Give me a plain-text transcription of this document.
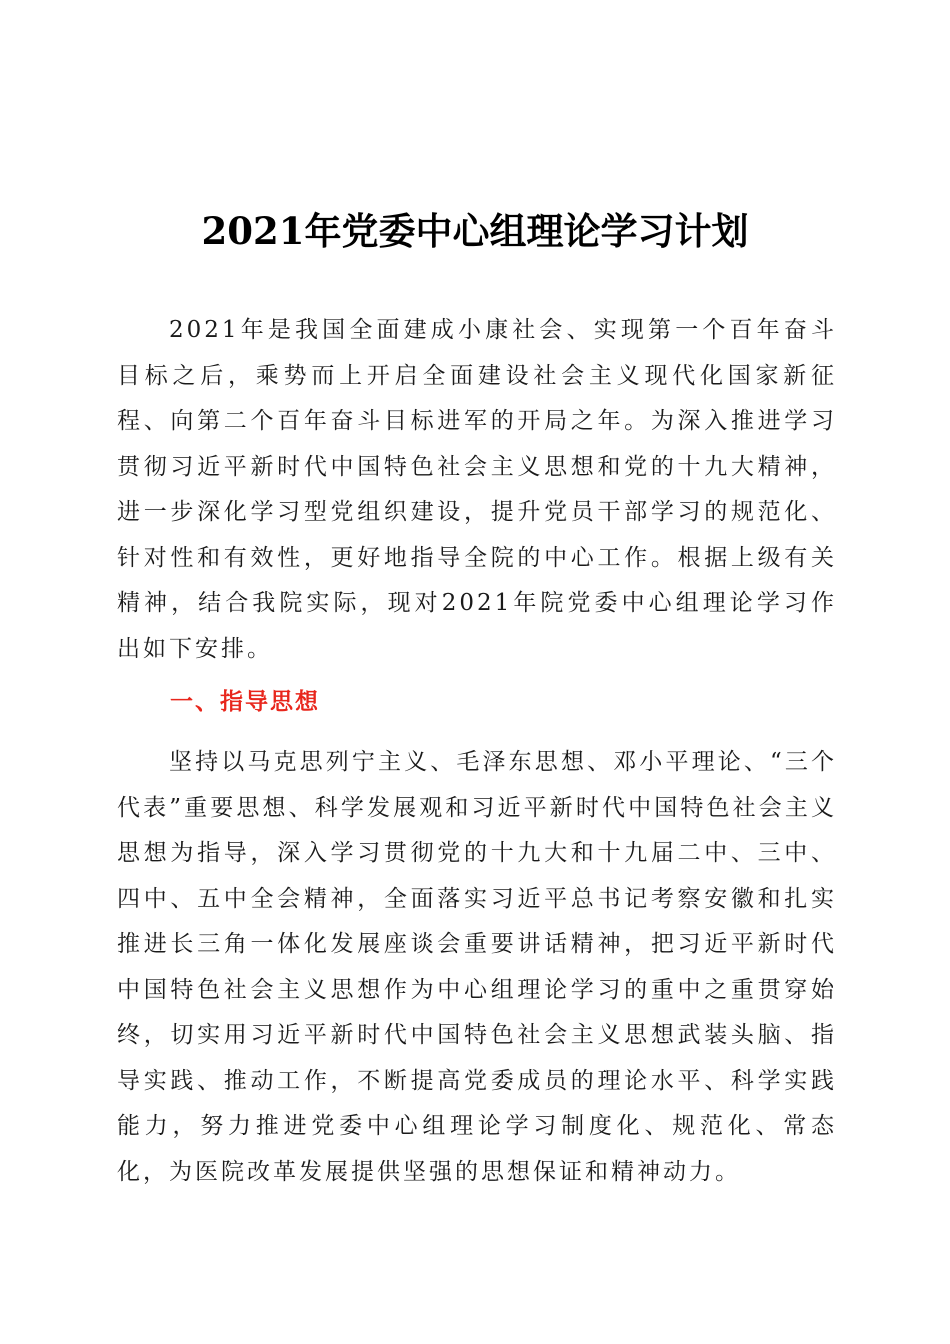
2021年党委中心组理论学习计划

2021年是我国全面建成小康社会、实现第一个百年奋斗目标之后，乘势而上开启全面建设社会主义现代化国家新征程、向第二个百年奋斗目标进军的开局之年。为深入推进学习贯彻习近平新时代中国特色社会主义思想和党的十九大精神，进一步深化学习型党组织建设，提升党员干部学习的规范化、针对性和有效性，更好地指导全院的中心工作。根据上级有关精神，结合我院实际，现对2021年院党委中心组理论学习作出如下安排。

一、指导思想

坚持以马克思列宁主义、毛泽东思想、邓小平理论、“三个代表”重要思想、科学发展观和习近平新时代中国特色社会主义思想为指导，深入学习贯彻党的十九大和十九届二中、三中、四中、五中全会精神，全面落实习近平总书记考察安徽和扎实推进长三角一体化发展座谈会重要讲话精神，把习近平新时代中国特色社会主义思想作为中心组理论学习的重中之重贯穿始终，切实用习近平新时代中国特色社会主义思想武装头脑、指导实践、推动工作，不断提高党委成员的理论水平、科学实践能力，努力推进党委中心组理论学习制度化、规范化、常态化，为医院改革发展提供坚强的思想保证和精神动力。
